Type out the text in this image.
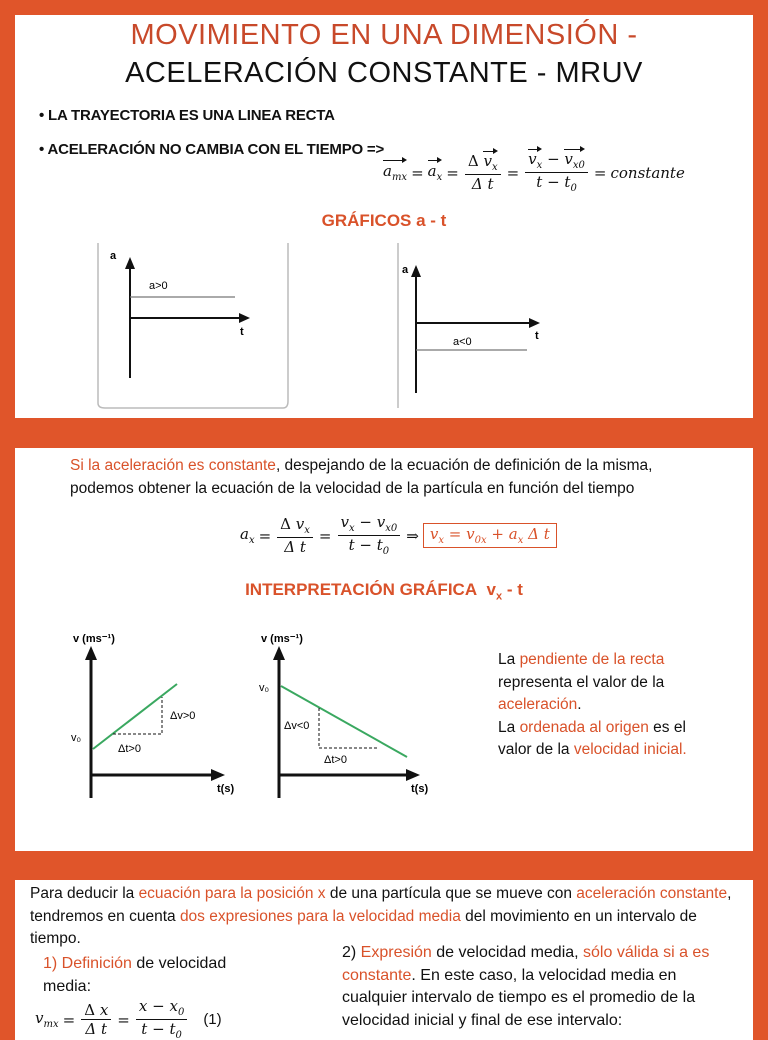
MOVIMIENTO EN UNA DIMENSIÓN -
ACELERACIÓN CONSTANTE - MRUV
• LA TRAYECTORIA ES UNA LINEA RECTA
• ACELERACIÓN NO CAMBIA CON EL TIEMPO =>
$a_{mx} = a_x = \frac{\Delta v_x}{\text{Δ t}} = \frac{v_x - v_{x0}}{t - t_0}$ = constante
GRÁFICOS a - t
a
t
a>0
a
t
a<0
Si la aceleración es constante, despejando de la ecuación de definición de la misma, podemos obtener la ecuación de la velocidad de la partícula en función del tiempo
$a_x = \frac{\Delta v_x}{\text{Δ t}} = \frac{v_x - v_{x0}}{t - t_0}$ ⇒ $v_x = v_{0x} + a_x$ Δ t
INTERPRETACIÓN GRÁFICA $v_x$ - t
v (ms⁻¹)
v₀
Δv>0
Δt>0
t(s)
v (ms⁻¹)
v₀
Δv<0
Δt>0
t(s)
La pendiente de la recta representa el valor de la aceleración.
La ordenada al origen es el valor de la velocidad inicial.
Para deducir la ecuación para la posición x de una partícula que se mueve con aceleración constante, tendremos en cuenta dos expresiones para la velocidad media del movimiento en un intervalo de tiempo.
1) Definición de velocidad media:
$v_{mx} = \frac{\text{Δ x}}{\text{Δ t}} = \frac{x - x_0}{t - t_0} (1)$
2) Expresión de velocidad media, sólo válida si a es constante. En este caso, la velocidad media en cualquier intervalo de tiempo es el promedio de la velocidad inicial y final de ese intervalo:
